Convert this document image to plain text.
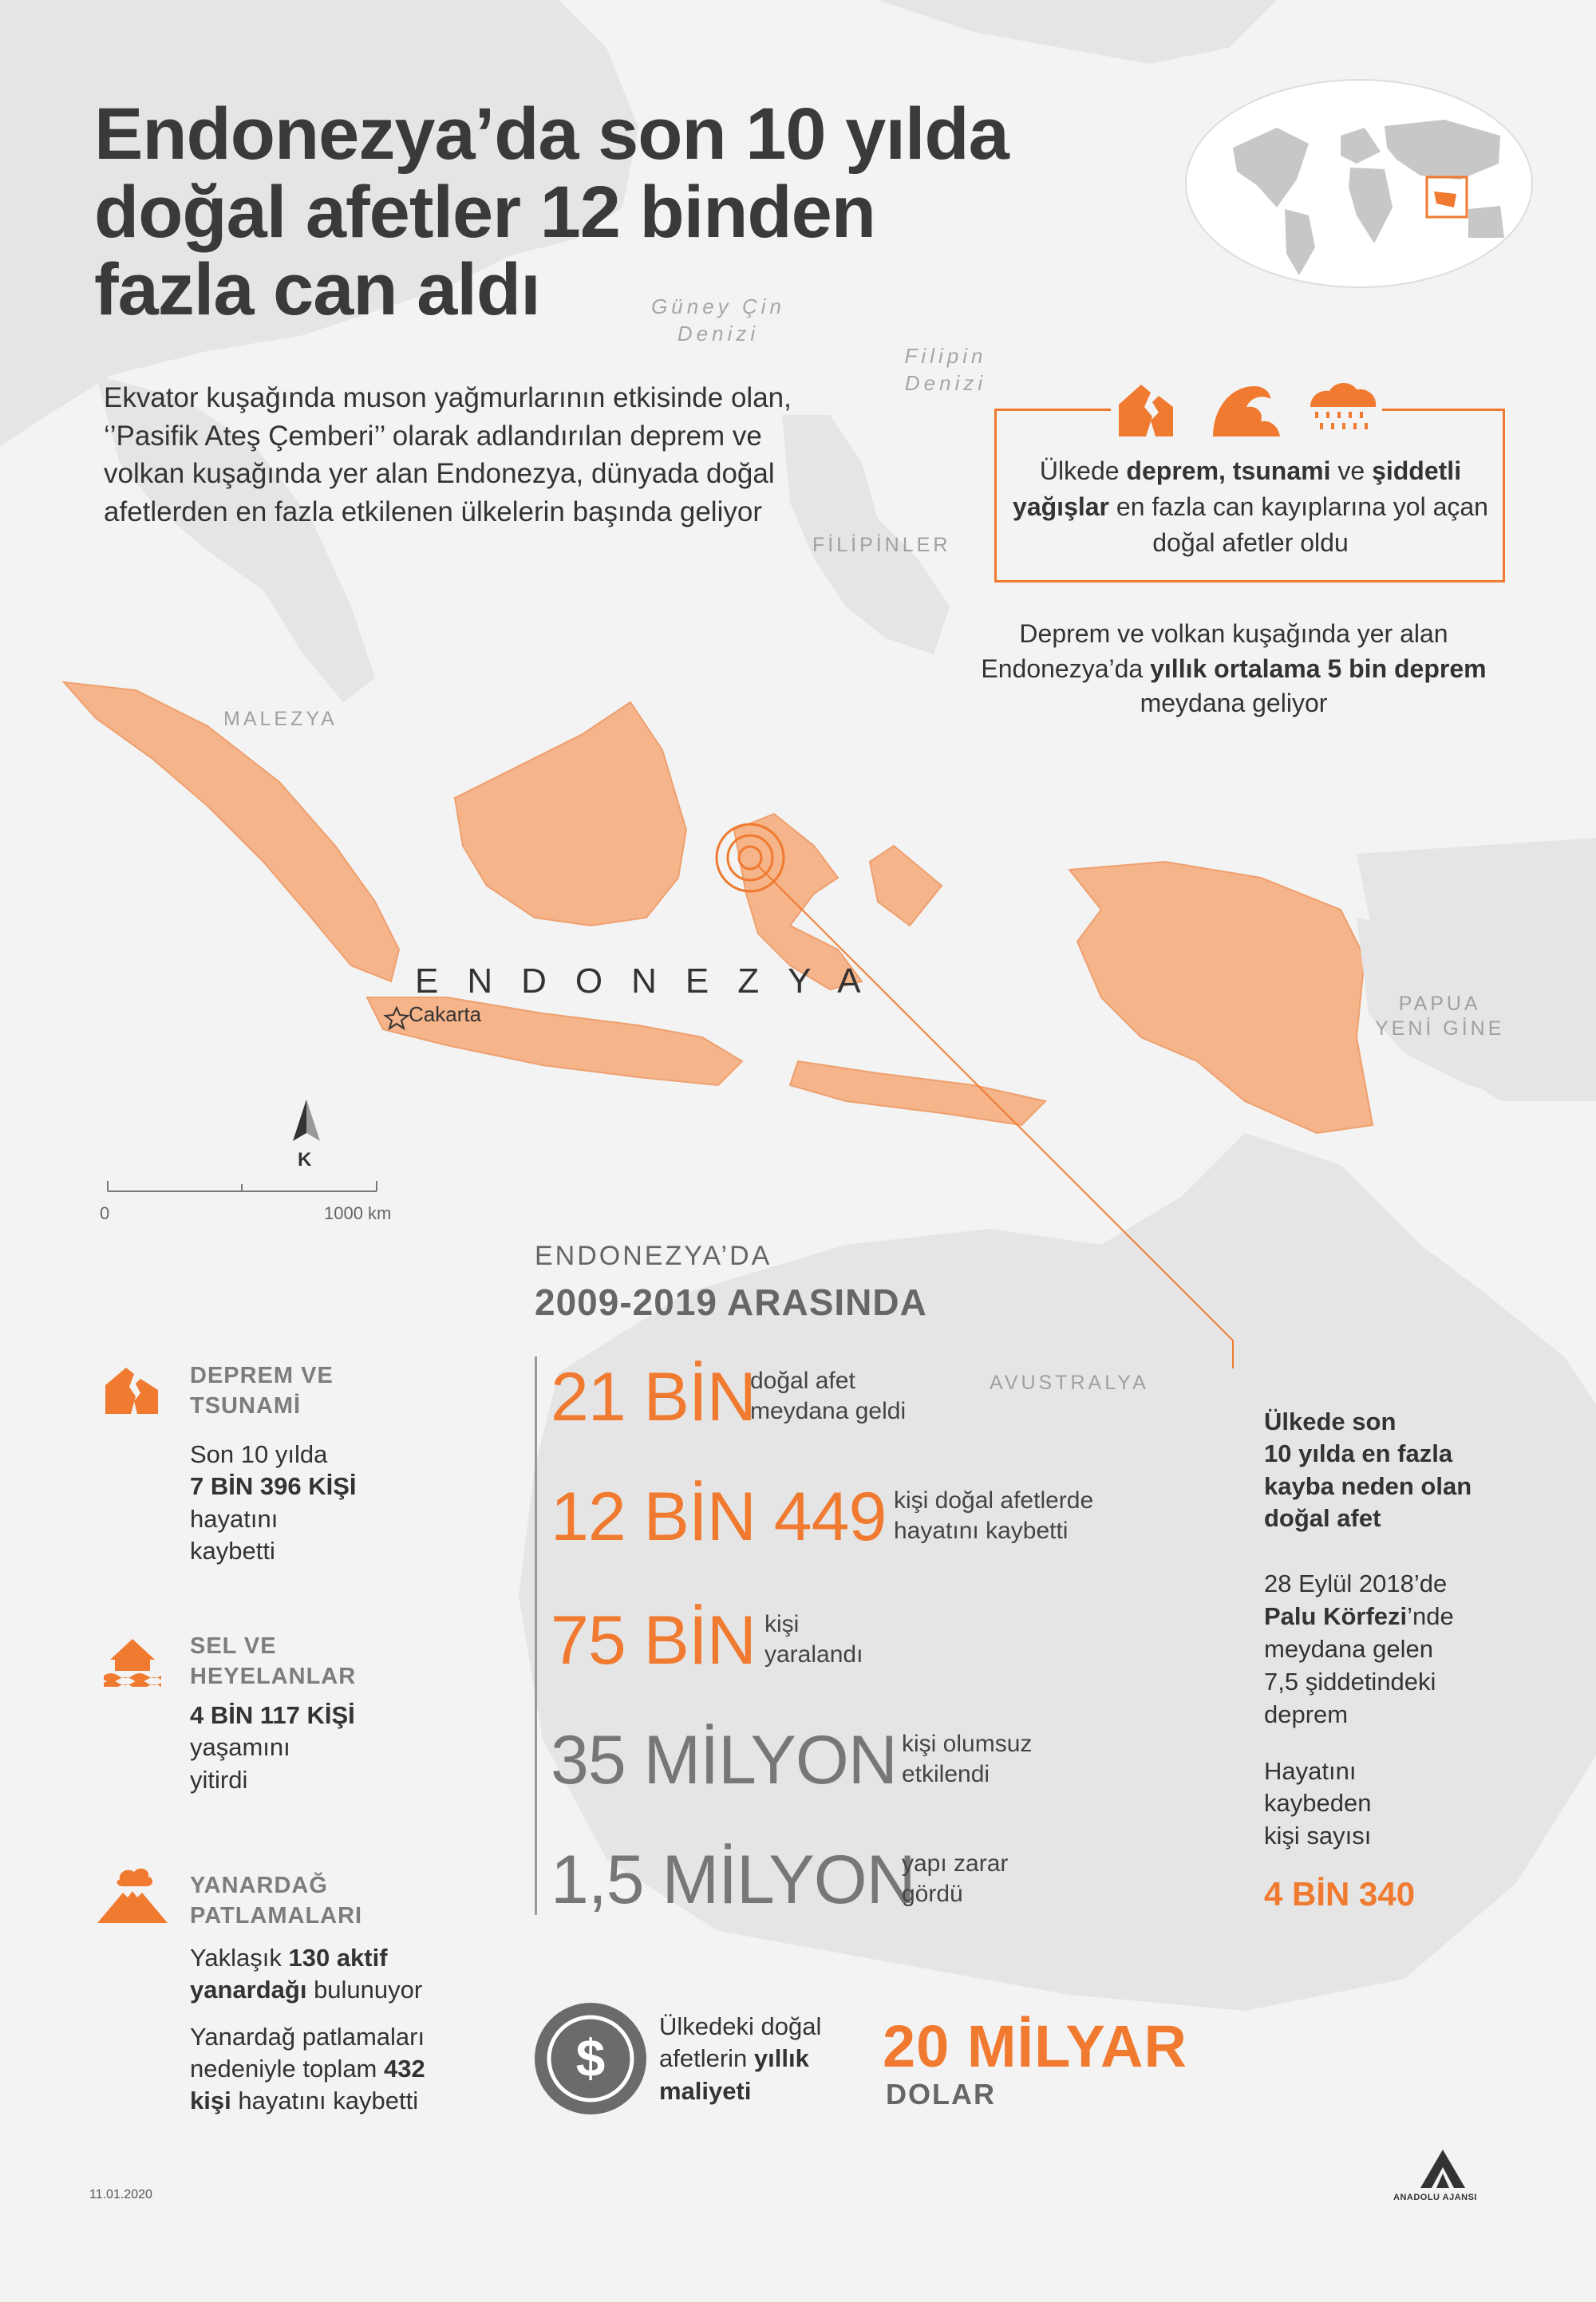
Endonezya’da son 10 yılda
doğal afetler 12 binden
fazla can aldı
Ekvator kuşağında muson yağmurlarının etkisinde olan, ‘’Pasifik Ateş Çemberi’’ olarak adlandırılan deprem ve volkan kuşağında yer alan Endonezya, dünyada doğal afetlerden en fazla etkilenen ülkelerin başında geliyor
Güney Çin
Denizi
Filipin
Denizi
FİLİPİNLER
MALEZYA
PAPUA
YENİ GİNE
AVUSTRALYA
ENDONEZYA
Cakarta
K
0	1000 km
Ülkede deprem, tsunami ve şiddetli yağışlar en fazla can kayıplarına yol açan doğal afetler oldu
Deprem ve volkan kuşağında yer alan Endonezya’da yıllık ortalama 5 bin deprem meydana geliyor
ENDONEZYA’DA
2009-2019 ARASINDA
21 BİN
doğal afet
meydana geldi
12 BİN 449 kişi doğal afetlerde
hayatını kaybetti
75 BİN kişi
yaralandı
35 MİLYON kişi olumsuz
etkilendi
1,5 MİLYON
yapı zarar
gördü
DEPREM VE
TSUNAMİ
Son 10 yılda
7 BİN 396 KİŞİ
hayatını
kaybetti
SEL VE
HEYELANLAR
4 BİN 117 KİŞİ
yaşamını
yitirdi
YANARDAĞ
PATLAMALARI
Yaklaşık 130 aktif
yanardağı bulunuyor
Yanardağ patlamaları
nedeniyle toplam 432
kişi hayatını kaybetti
Ülkede son
10 yılda en fazla
kayba neden olan
doğal afet
28 Eylül 2018’de
Palu Körfezi’nde
meydana gelen
7,5 şiddetindeki
deprem
Hayatını
kaybeden
kişi sayısı
4 BİN 340
$
Ülkedeki doğal
afetlerin yıllık
maliyeti
20 MİLYAR
DOLAR
11.01.2020	ANADOLU AJANSI
